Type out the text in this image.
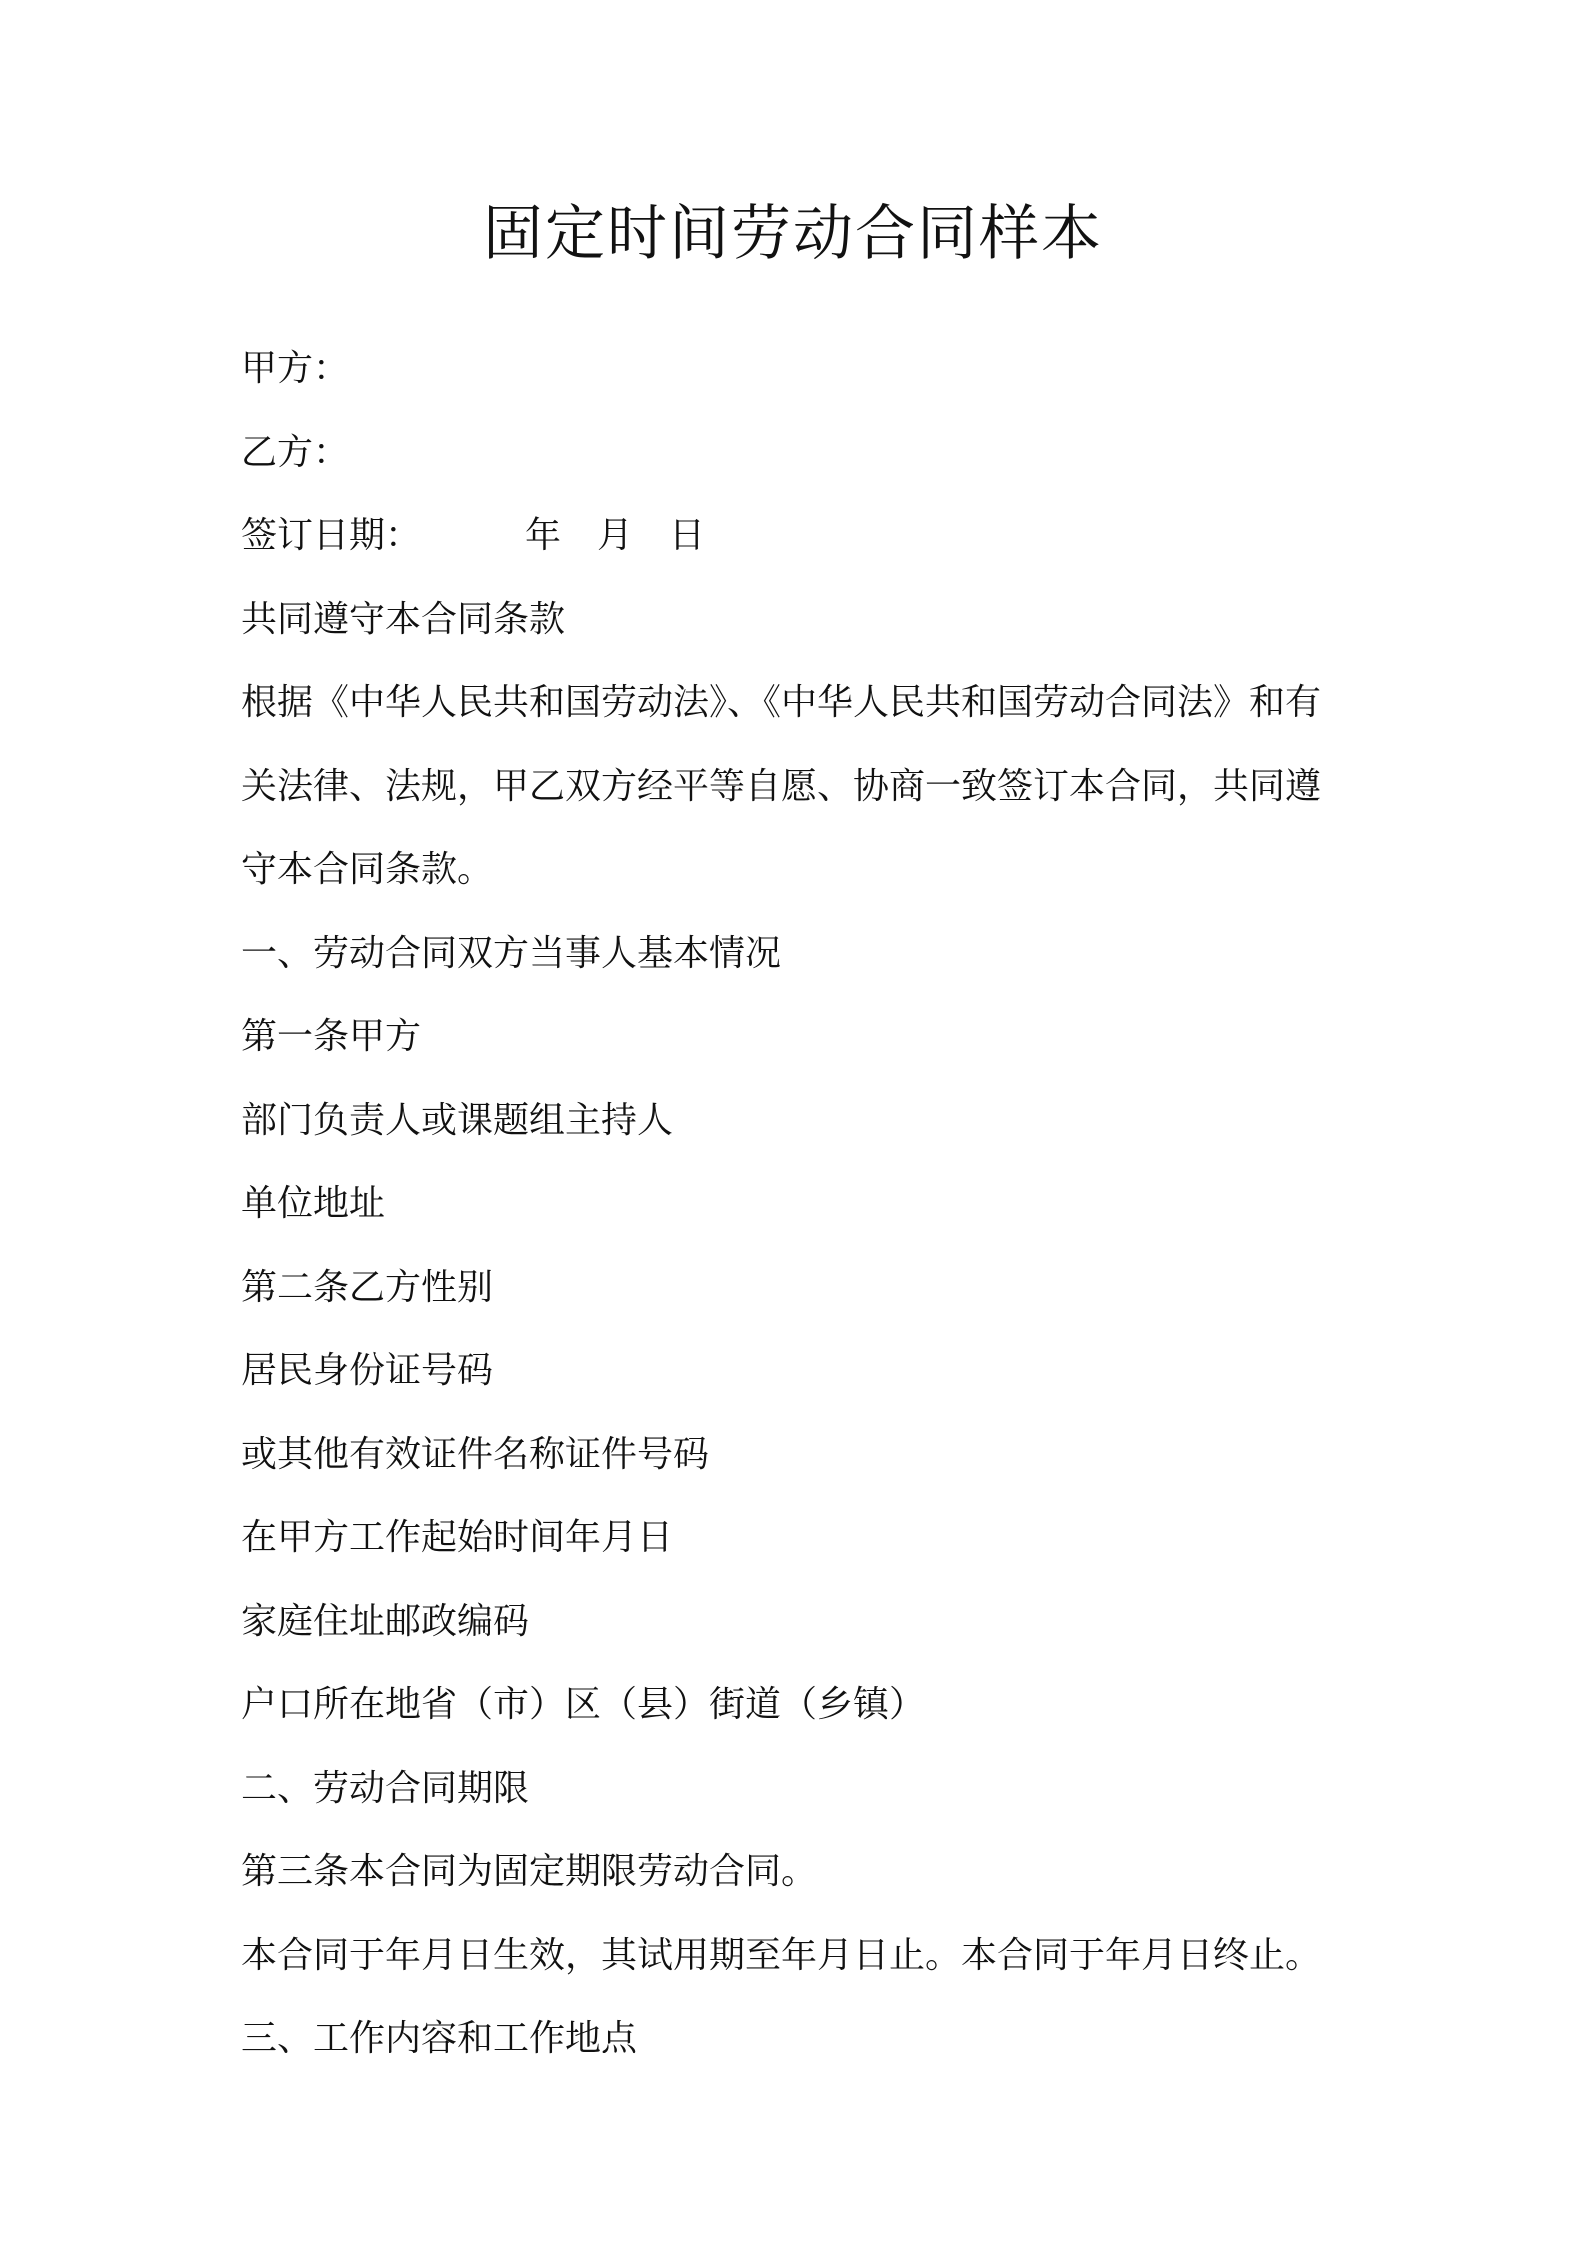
固定时间劳动合同样本
甲方：
乙方：
签订日期：	年 月 日
共同遵守本合同条款
根据《中华人民共和国劳动法》、《中华人民共和国劳动合同法》和有
关法律、法规，甲乙双方经平等自愿、协商一致签订本合同，共同遵
守本合同条款。
一、劳动合同双方当事人基本情况
第一条甲方
部门负责人或课题组主持人
单位地址
第二条乙方性别
居民身份证号码
或其他有效证件名称证件号码
在甲方工作起始时间年月日
家庭住址邮政编码
户口所在地省（市）区（县）街道（乡镇）
二、劳动合同期限
第三条本合同为固定期限劳动合同。
本合同于年月日生效，其试用期至年月日止。本合同于年月日终止。
三、工作内容和工作地点
